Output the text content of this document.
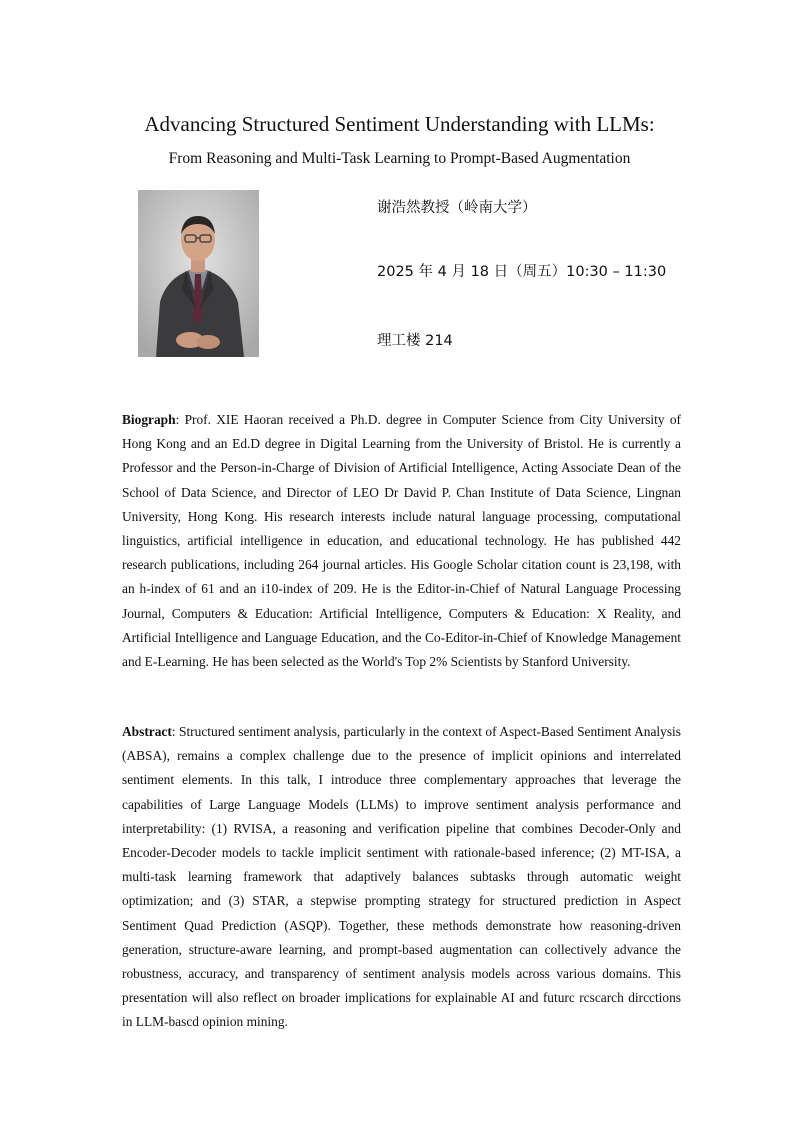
Advancing Structured Sentiment Understanding with LLMs:
From Reasoning and Multi-Task Learning to Prompt-Based Augmentation
谢浩然教授（岭南大学）
2025 年 4 月 18 日（周五）10:30 – 11:30
理工楼 214

Biograph: Prof. XIE Haoran received a Ph.D. degree in Computer Science from City University of Hong Kong and an Ed.D degree in Digital Learning from the University of Bristol. He is currently a Professor and the Person-in-Charge of Division of Artificial Intelligence, Acting Associate Dean of the School of Data Science, and Director of LEO Dr David P. Chan Institute of Data Science, Lingnan University, Hong Kong. His research interests include natural language processing, computational linguistics, artificial intelligence in education, and educational technology. He has published 442 research publications, including 264 journal articles. His Google Scholar citation count is 23,198, with an h-index of 61 and an i10-index of 209. He is the Editor-in-Chief of Natural Language Processing Journal, Computers & Education: Artificial Intelligence, Computers & Education: X Reality, and Artificial Intelligence and Language Education, and the Co-Editor-in-Chief of Knowledge Management and E-Learning. He has been selected as the World's Top 2% Scientists by Stanford University.

Abstract: Structured sentiment analysis, particularly in the context of Aspect-Based Sentiment Analysis (ABSA), remains a complex challenge due to the presence of implicit opinions and interrelated sentiment elements. In this talk, I introduce three complementary approaches that leverage the capabilities of Large Language Models (LLMs) to improve sentiment analysis performance and interpretability: (1) RVISA, a reasoning and verification pipeline that combines Decoder-Only and Encoder-Decoder models to tackle implicit sentiment with rationale-based inference; (2) MT-ISA, a multi-task learning framework that adaptively balances subtasks through automatic weight optimization; and (3) STAR, a stepwise prompting strategy for structured prediction in Aspect Sentiment Quad Prediction (ASQP). Together, these methods demonstrate how reasoning-driven generation, structure-aware learning, and prompt-based augmentation can collectively advance the robustness, accuracy, and transparency of sentiment analysis models across various domains. This presentation will also reflect on broader implications for explainable AI and futurc rcscarch dircctions in LLM-bascd opinion mining.
